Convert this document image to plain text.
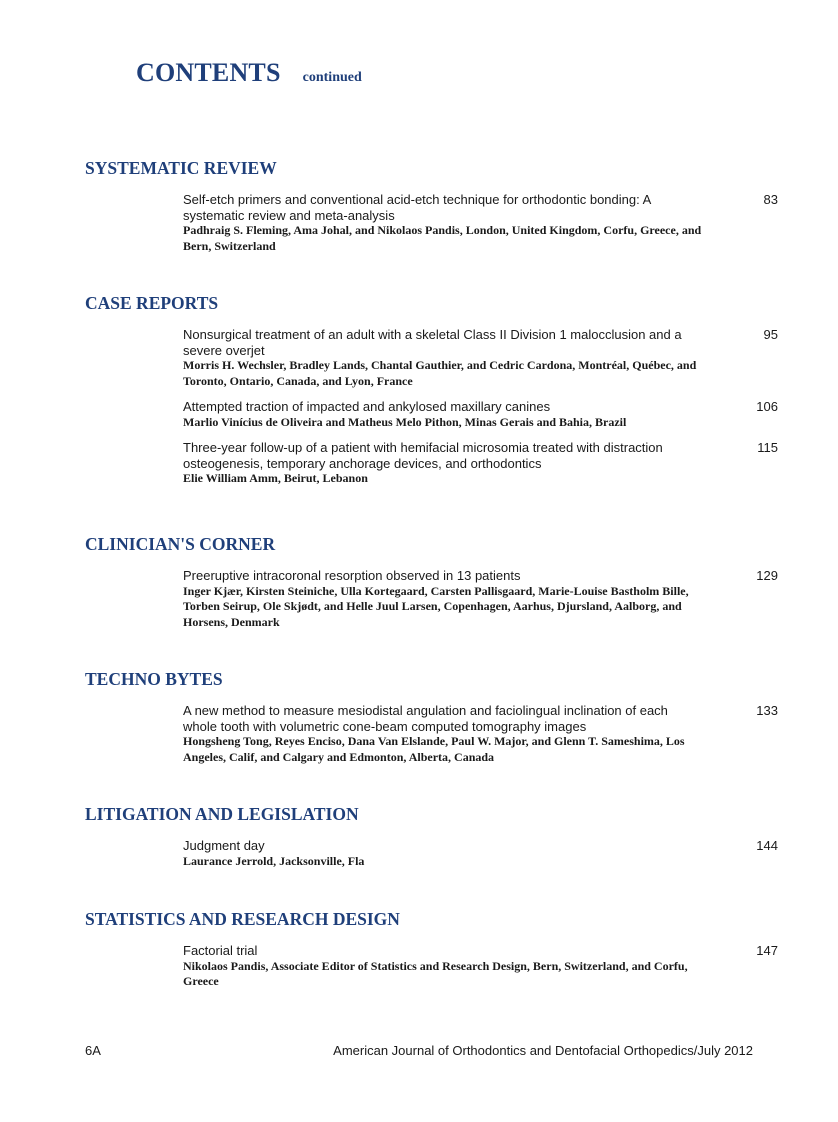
CONTENTS continued
SYSTEMATIC REVIEW
Self-etch primers and conventional acid-etch technique for orthodontic bonding: A systematic review and meta-analysis
Padhraig S. Fleming, Ama Johal, and Nikolaos Pandis, London, United Kingdom, Corfu, Greece, and Bern, Switzerland
83
CASE REPORTS
Nonsurgical treatment of an adult with a skeletal Class II Division 1 malocclusion and a severe overjet
Morris H. Wechsler, Bradley Lands, Chantal Gauthier, and Cedric Cardona, Montréal, Québec, and Toronto, Ontario, Canada, and Lyon, France
95
Attempted traction of impacted and ankylosed maxillary canines
Marlio Vinícius de Oliveira and Matheus Melo Pithon, Minas Gerais and Bahia, Brazil
106
Three-year follow-up of a patient with hemifacial microsomia treated with distraction osteogenesis, temporary anchorage devices, and orthodontics
Elie William Amm, Beirut, Lebanon
115
CLINICIAN'S CORNER
Preeruptive intracoronal resorption observed in 13 patients
Inger Kjær, Kirsten Steiniche, Ulla Kortegaard, Carsten Pallisgaard, Marie-Louise Bastholm Bille, Torben Seirup, Ole Skjødt, and Helle Juul Larsen, Copenhagen, Aarhus, Djursland, Aalborg, and Horsens, Denmark
129
TECHNO BYTES
A new method to measure mesiodistal angulation and faciolingual inclination of each whole tooth with volumetric cone-beam computed tomography images
Hongsheng Tong, Reyes Enciso, Dana Van Elslande, Paul W. Major, and Glenn T. Sameshima, Los Angeles, Calif, and Calgary and Edmonton, Alberta, Canada
133
LITIGATION AND LEGISLATION
Judgment day
Laurance Jerrold, Jacksonville, Fla
144
STATISTICS AND RESEARCH DESIGN
Factorial trial
Nikolaos Pandis, Associate Editor of Statistics and Research Design, Bern, Switzerland, and Corfu, Greece
147
6A	American Journal of Orthodontics and Dentofacial Orthopedics/July 2012
